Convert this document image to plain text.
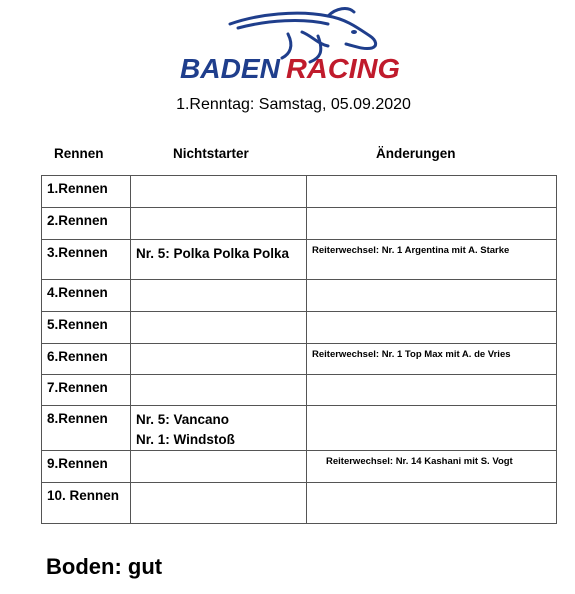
BADEN RACING
1.Renntag: Samstag, 05.09.2020
Rennen	Nichtstarter	Änderungen
1.Rennen		

2.Rennen		

3.Rennen	Nr. 5: Polka Polka Polka	Reiterwechsel: Nr. 1 Argentina mit A. Starke

4.Rennen		

5.Rennen		

6.Rennen		Reiterwechsel: Nr. 1 Top Max mit A. de Vries

7.Rennen		

8.Rennen	Nr. 5: Vancano
Nr. 1: Windstoß	

9.Rennen		Reiterwechsel: Nr. 14 Kashani mit S. Vogt

10. Rennen		

Boden: gut
